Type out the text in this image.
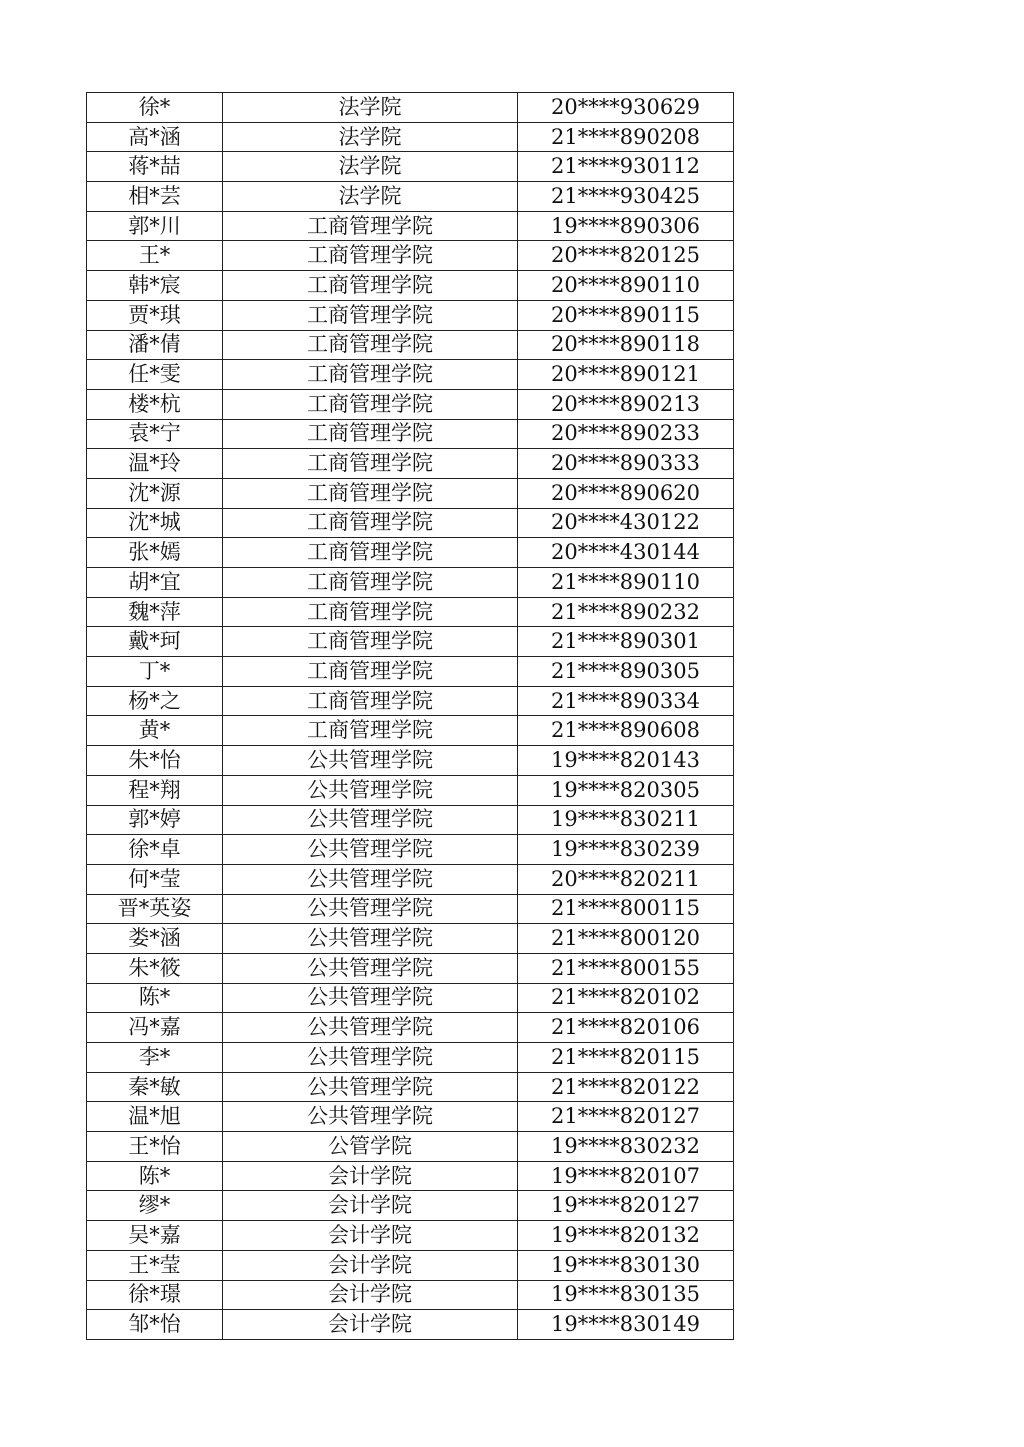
徐*	法学院	20****930629
高*涵	法学院	21****890208
蒋*喆	法学院	21****930112
相*芸	法学院	21****930425
郭*川	工商管理学院	19****890306
王*	工商管理学院	20****820125
韩*宸	工商管理学院	20****890110
贾*琪	工商管理学院	20****890115
潘*倩	工商管理学院	20****890118
任*雯	工商管理学院	20****890121
楼*杭	工商管理学院	20****890213
袁*宁	工商管理学院	20****890233
温*玲	工商管理学院	20****890333
沈*源	工商管理学院	20****890620
沈*城	工商管理学院	20****430122
张*嫣	工商管理学院	20****430144
胡*宜	工商管理学院	21****890110
魏*萍	工商管理学院	21****890232
戴*珂	工商管理学院	21****890301
丁*	工商管理学院	21****890305
杨*之	工商管理学院	21****890334
黄*	工商管理学院	21****890608
朱*怡	公共管理学院	19****820143
程*翔	公共管理学院	19****820305
郭*婷	公共管理学院	19****830211
徐*卓	公共管理学院	19****830239
何*莹	公共管理学院	20****820211
晋*英姿	公共管理学院	21****800115
娄*涵	公共管理学院	21****800120
朱*筱	公共管理学院	21****800155
陈*	公共管理学院	21****820102
冯*嘉	公共管理学院	21****820106
李*	公共管理学院	21****820115
秦*敏	公共管理学院	21****820122
温*旭	公共管理学院	21****820127
王*怡	公管学院	19****830232
陈*	会计学院	19****820107
缪*	会计学院	19****820127
吴*嘉	会计学院	19****820132
王*莹	会计学院	19****830130
徐*璟	会计学院	19****830135
邹*怡	会计学院	19****830149
